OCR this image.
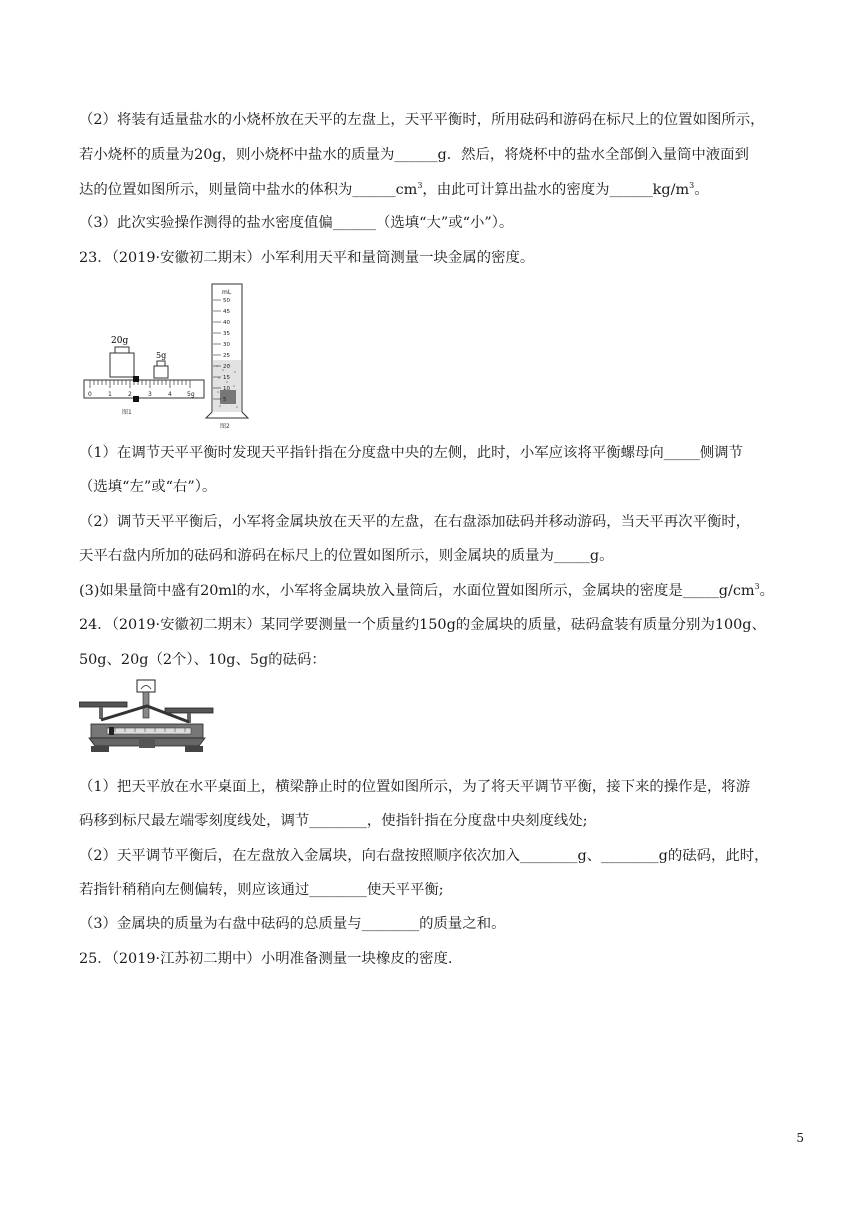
（2）将装有适量盐水的小烧杯放在天平的左盘上，天平平衡时，所用砝码和游码在标尺上的位置如图所示，
若小烧杯的质量为20g，则小烧杯中盐水的质量为______g．然后，将烧杯中的盐水全部倒入量筒中液面到
达的位置如图所示，则量筒中盐水的体积为$\_\_\_\_\_\_cm^3$，由此可计算出盐水的密度为$\_\_\_\_\_\_kg/m^3$。
（3）此次实验操作测得的盐水密度值偏______（选填“大”或“小”）。
23．（2019·安徽初二期末）小军利用天平和量筒测量一块金属的密度。
20g
5g
0	1	2	3	4	5g
图1
mL
50
45
40
35
30
25
20
15
10
5
图2
（1）在调节天平平衡时发现天平指针指在分度盘中央的左侧，此时，小军应该将平衡螺母向_____侧调节
（选填“左”或“右”）。
（2）调节天平平衡后，小军将金属块放在天平的左盘，在右盘添加砝码并移动游码，当天平再次平衡时，
天平右盘内所加的砝码和游码在标尺上的位置如图所示，则金属块的质量为_____g。
(3)如果量筒中盛有20ml的水，小军将金属块放入量筒后，水面位置如图所示，金属块的密度是$\_\_\_\_\_g/cm^3$。
24．（2019·安徽初二期末）某同学要测量一个质量约150g的金属块的质量，砝码盒装有质量分别为100g、
50g、20g（2个）、10g、5g的砝码：
（1）把天平放在水平桌面上，横梁静止时的位置如图所示，为了将天平调节平衡，接下来的操作是，将游
码移到标尺最左端零刻度线处，调节________，使指针指在分度盘中央刻度线处;
（2）天平调节平衡后，在左盘放入金属块，向右盘按照顺序依次加入________g、________g的砝码，此时，
若指针稍稍向左侧偏转，则应该通过________使天平平衡;
（3）金属块的质量为右盘中砝码的总质量与________的质量之和。
25．（2019·江苏初二期中）小明准备测量一块橡皮的密度.
5
